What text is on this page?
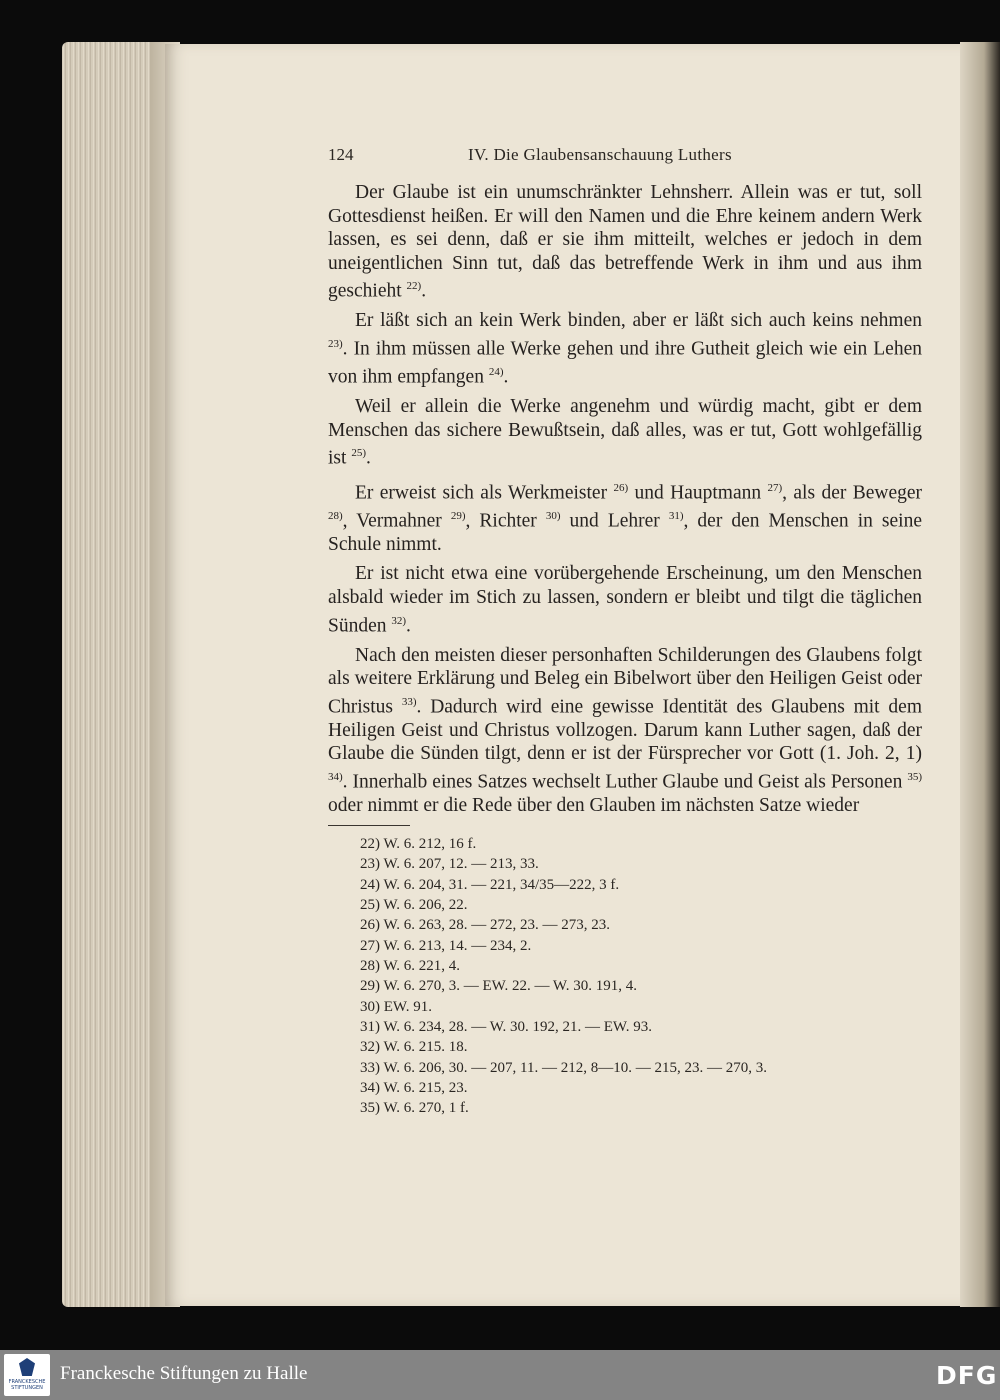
124	IV. Die Glaubensanschauung Luthers

Der Glaube ist ein unumschränkter Lehnsherr. Allein was er tut, soll Gottesdienst heißen. Er will den Namen und die Ehre keinem andern Werk lassen, es sei denn, daß er sie ihm mitteilt, welches er jedoch in dem uneigentlichen Sinn tut, daß das betreffende Werk in ihm und aus ihm geschieht $^{22)}$.

Er läßt sich an kein Werk binden, aber er läßt sich auch keins nehmen $^{23)}$. In ihm müssen alle Werke gehen und ihre Gutheit gleich wie ein Lehen von ihm empfangen $^{24)}$.

Weil er allein die Werke angenehm und würdig macht, gibt er dem Menschen das sichere Bewußtsein, daß alles, was er tut, Gott wohlgefällig ist $^{25)}$.

Er erweist sich als Werkmeister $^{26)}$ und Hauptmann $^{27)}$, als der Beweger $^{28)}$, Vermahner $^{29)}$, Richter $^{30)}$ und Lehrer $^{31)}$, der den Menschen in seine Schule nimmt.

Er ist nicht etwa eine vorübergehende Erscheinung, um den Menschen alsbald wieder im Stich zu lassen, sondern er bleibt und tilgt die täglichen Sünden $^{32)}$.

Nach den meisten dieser personhaften Schilderungen des Glaubens folgt als weitere Erklärung und Beleg ein Bibelwort über den Heiligen Geist oder Christus $^{33)}$. Dadurch wird eine gewisse Identität des Glaubens mit dem Heiligen Geist und Christus vollzogen. Darum kann Luther sagen, daß der Glaube die Sünden tilgt, denn er ist der Fürsprecher vor Gott (1. Joh. 2, 1) $^{34)}$. Innerhalb eines Satzes wechselt Luther Glaube und Geist als Personen $^{35)}$ oder nimmt er die Rede über den Glauben im nächsten Satze wieder

22) W. 6. 212, 16 f.
23) W. 6. 207, 12. — 213, 33.
24) W. 6. 204, 31. — 221, 34/35—222, 3 f.
25) W. 6. 206, 22.
26) W. 6. 263, 28. — 272, 23. — 273, 23.
27) W. 6. 213, 14. — 234, 2.
28) W. 6. 221, 4.
29) W. 6. 270, 3. — EW. 22. — W. 30. 191, 4.
30) EW. 91.
31) W. 6. 234, 28. — W. 30. 192, 21. — EW. 93.
32) W. 6. 215. 18.
33) W. 6. 206, 30. — 207, 11. — 212, 8—10. — 215, 23. — 270, 3.
34) W. 6. 215, 23.
35) W. 6. 270, 1 f.
FRANCKESCHE STIFTUNGEN
Franckesche Stiftungen zu Halle	DFG
